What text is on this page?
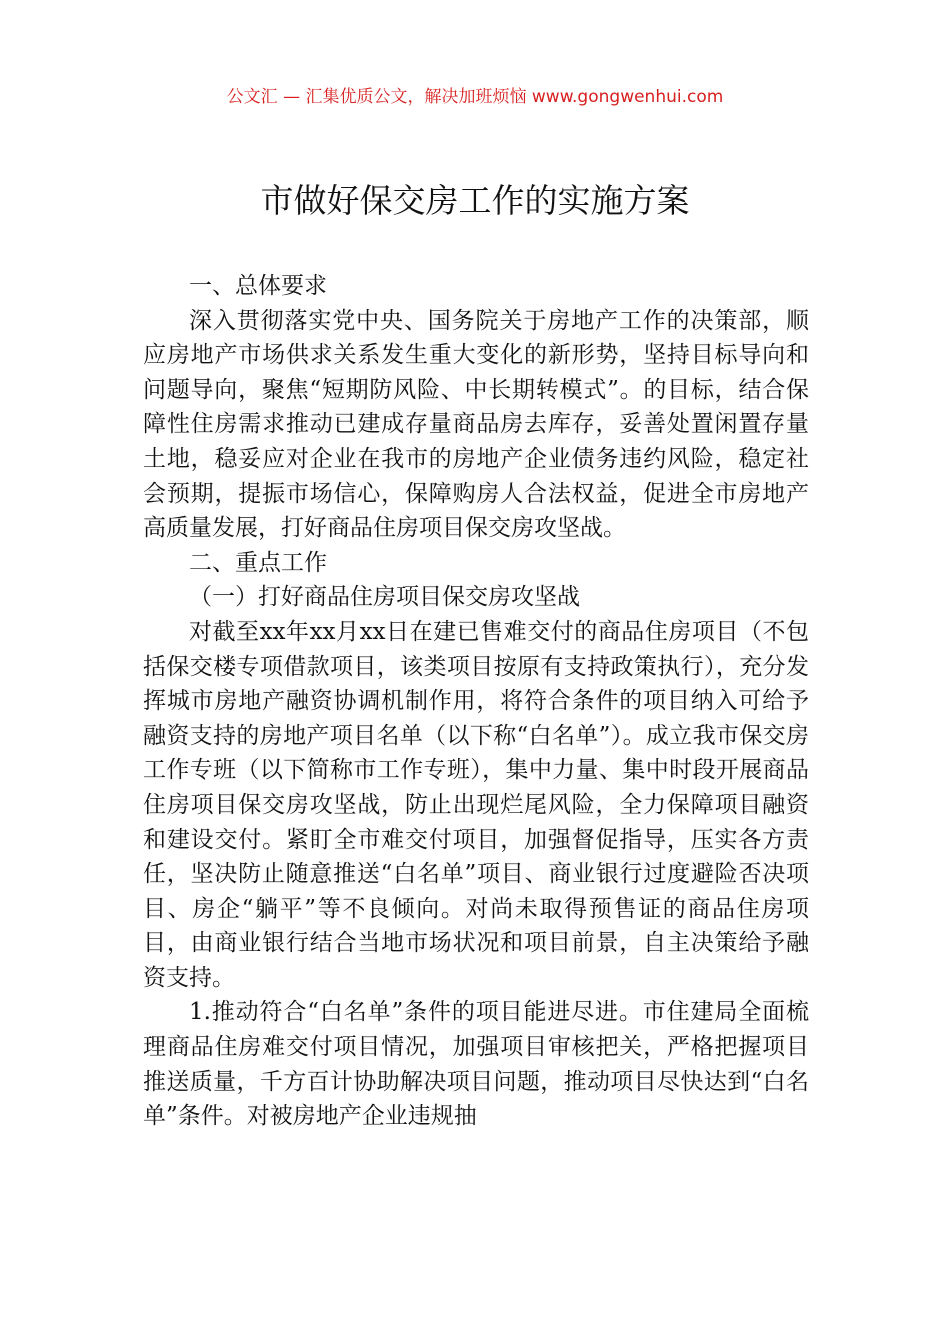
公文汇 — 汇集优质公文，解决加班烦恼 www.gongwenhui.com
市做好保交房工作的实施方案

一、总体要求

深入贯彻落实党中央、国务院关于房地产工作的决策部，顺应房地产市场供求关系发生重大变化的新形势，坚持目标导向和问题导向，聚焦“短期防风险、中长期转模式”。的目标，结合保障性住房需求推动已建成存量商品房去库存，妥善处置闲置存量土地，稳妥应对企业在我市的房地产企业债务违约风险，稳定社会预期，提振市场信心，保障购房人合法权益，促进全市房地产高质量发展，打好商品住房项目保交房攻坚战。

二、重点工作

（一）打好商品住房项目保交房攻坚战

对截至xx年xx月xx日在建已售难交付的商品住房项目（不包括保交楼专项借款项目，该类项目按原有支持政策执行），充分发挥城市房地产融资协调机制作用，将符合条件的项目纳入可给予融资支持的房地产项目名单（以下称“白名单”）。成立我市保交房工作专班（以下简称市工作专班），集中力量、集中时段开展商品住房项目保交房攻坚战，防止出现烂尾风险，全力保障项目融资和建设交付。紧盯全市难交付项目，加强督促指导，压实各方责任，坚决防止随意推送“白名单”项目、商业银行过度避险否决项目、房企“躺平”等不良倾向。对尚未取得预售证的商品住房项目，由商业银行结合当地市场状况和项目前景，自主决策给予融资支持。

1.推动符合“白名单”条件的项目能进尽进。市住建局全面梳理商品住房难交付项目情况，加强项目审核把关，严格把握项目推送质量，千方百计协助解决项目问题，推动项目尽快达到“白名单”条件。对被房地产企业违规抽
